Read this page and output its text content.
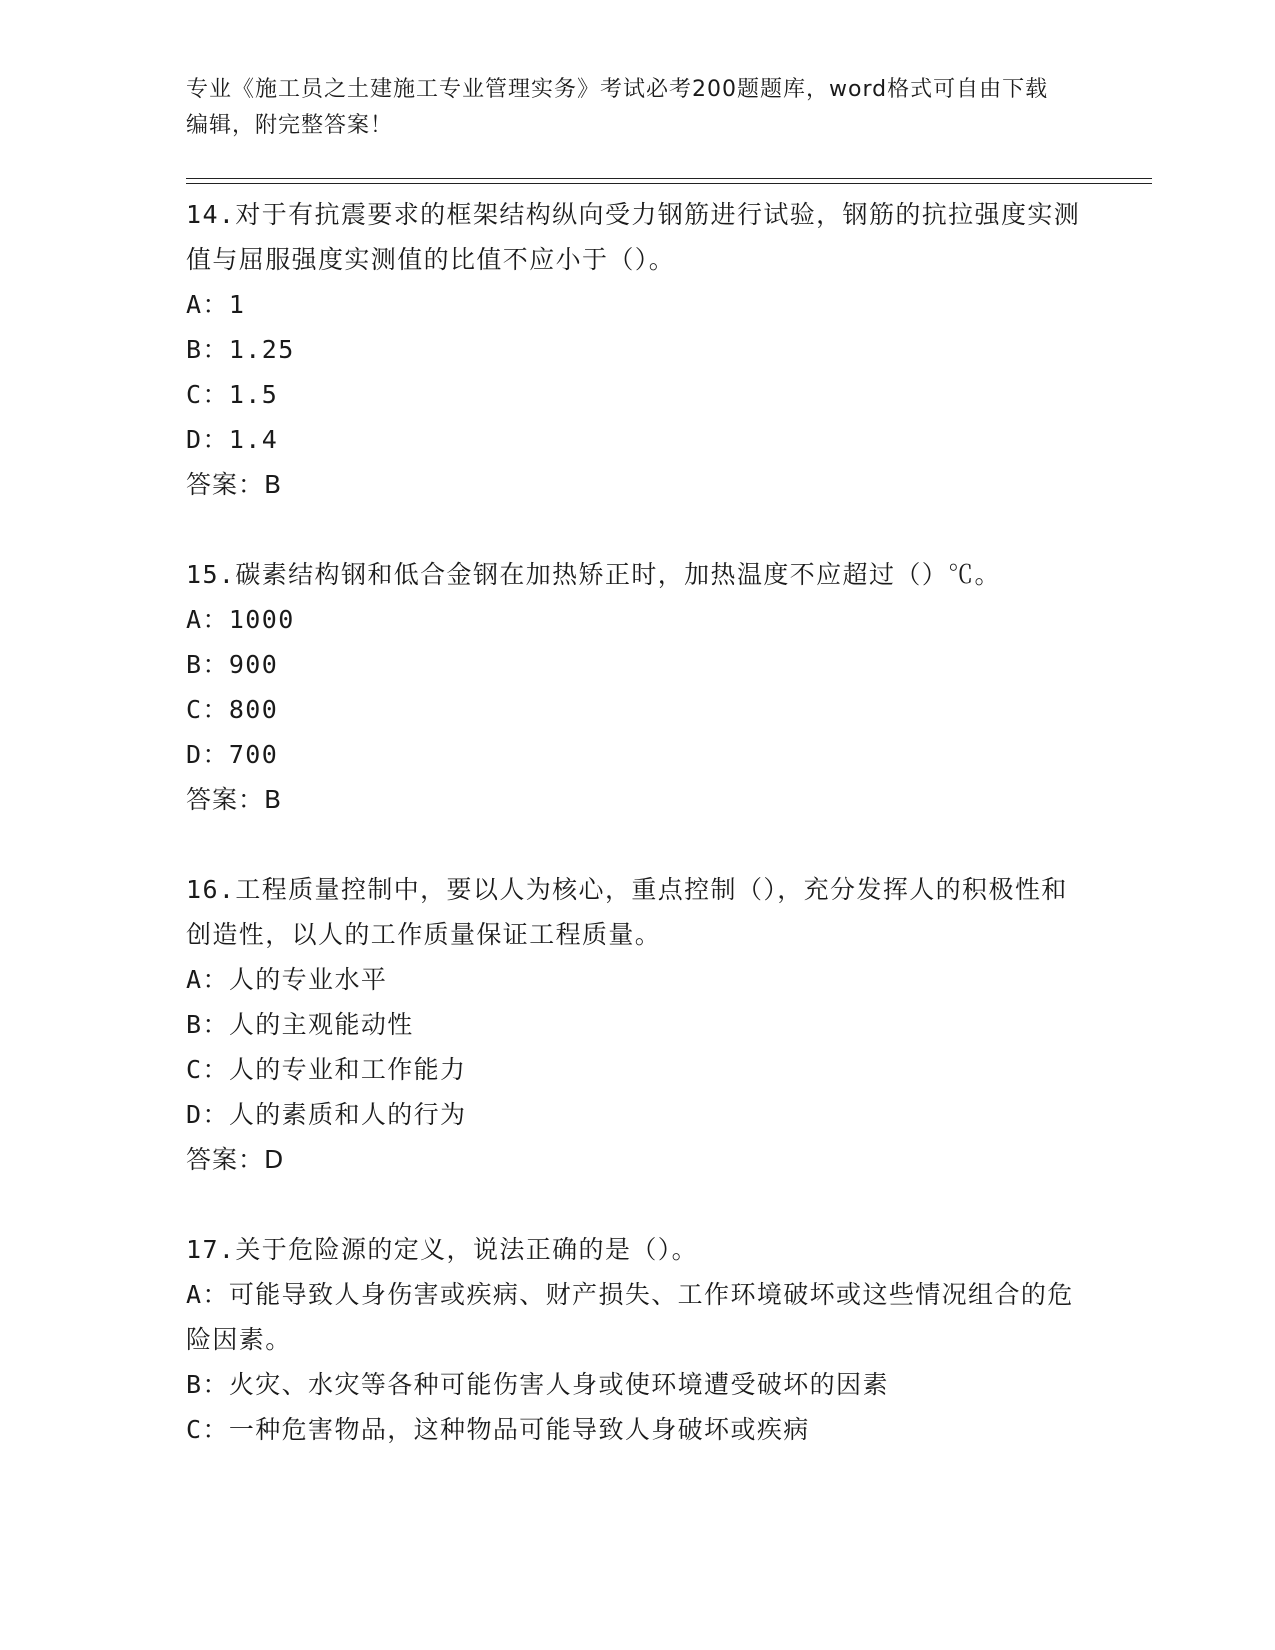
专业《施工员之土建施工专业管理实务》考试必考200题题库，word格式可自由下载编辑，附完整答案！
14.对于有抗震要求的框架结构纵向受力钢筋进行试验，钢筋的抗拉强度实测值与屈服强度实测值的比值不应小于（）。
A：1
B：1.25
C：1.5
D：1.4
答案：B
15.碳素结构钢和低合金钢在加热矫正时，加热温度不应超过（）℃。
A：1000
B：900
C：800
D：700
答案：B
16.工程质量控制中，要以人为核心，重点控制（），充分发挥人的积极性和创造性，以人的工作质量保证工程质量。
A：人的专业水平
B：人的主观能动性
C：人的专业和工作能力
D：人的素质和人的行为
答案：D
17.关于危险源的定义，说法正确的是（）。
A：可能导致人身伤害或疾病、财产损失、工作环境破坏或这些情况组合的危险因素。
B：火灾、水灾等各种可能伤害人身或使环境遭受破坏的因素
C：一种危害物品，这种物品可能导致人身破坏或疾病
